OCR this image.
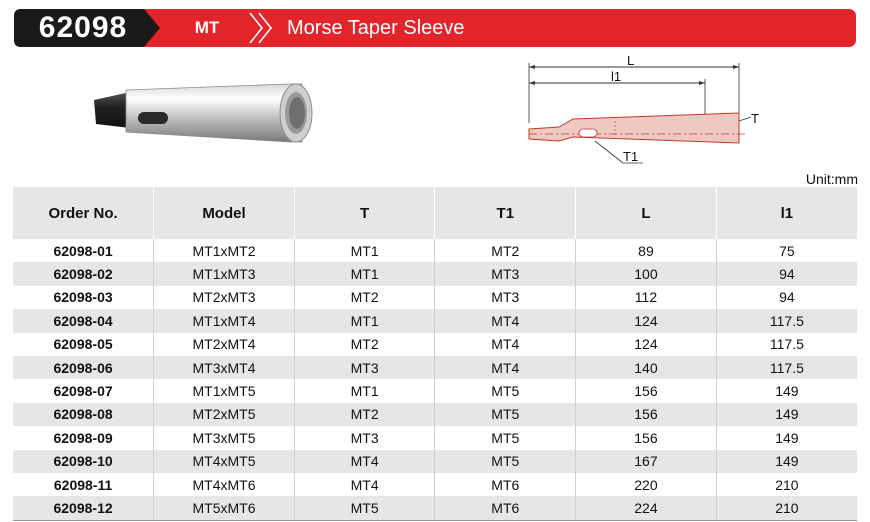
62098	MT	Morse Taper Sleeve
L
l1
T
T1
Unit:mm
Order No.	Model	T	T1	L	l1
62098-01	MT1xMT2	MT1	MT2	89	75
62098-02	MT1xMT3	MT1	MT3	100	94
62098-03	MT2xMT3	MT2	MT3	112	94
62098-04	MT1xMT4	MT1	MT4	124	117.5
62098-05	MT2xMT4	MT2	MT4	124	117.5
62098-06	MT3xMT4	MT3	MT4	140	117.5
62098-07	MT1xMT5	MT1	MT5	156	149
62098-08	MT2xMT5	MT2	MT5	156	149
62098-09	MT3xMT5	MT3	MT5	156	149
62098-10	MT4xMT5	MT4	MT5	167	149
62098-11	MT4xMT6	MT4	MT6	220	210
62098-12	MT5xMT6	MT5	MT6	224	210
